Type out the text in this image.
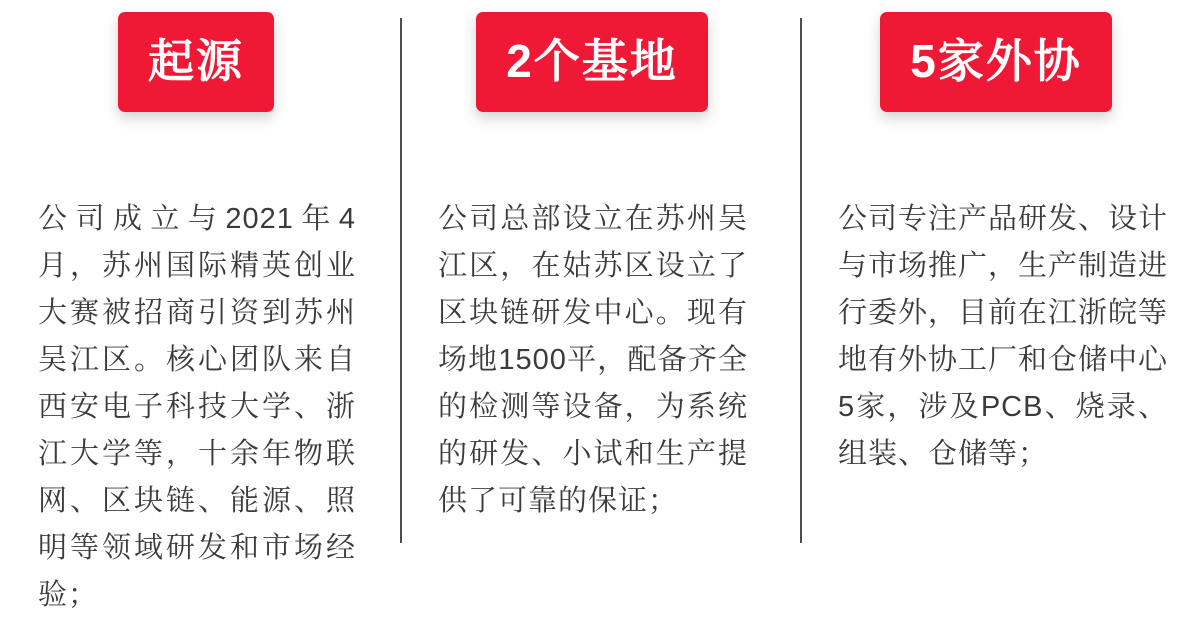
起源
公司成立与2021年4月，苏州国际精英创业大赛被招商引资到苏州吴江区。核心团队来自西安电子科技大学、浙江大学等，十余年物联网、区块链、能源、照明等领域研发和市场经验；
2个基地
公司总部设立在苏州吴江区，在姑苏区设立了区块链研发中心。现有场地1500平，配备齐全的检测等设备，为系统的研发、小试和生产提供了可靠的保证；
5家外协
公司专注产品研发、设计与市场推广，生产制造进行委外，目前在江浙皖等地有外协工厂和仓储中心5家，涉及PCB、烧录、组装、仓储等；
